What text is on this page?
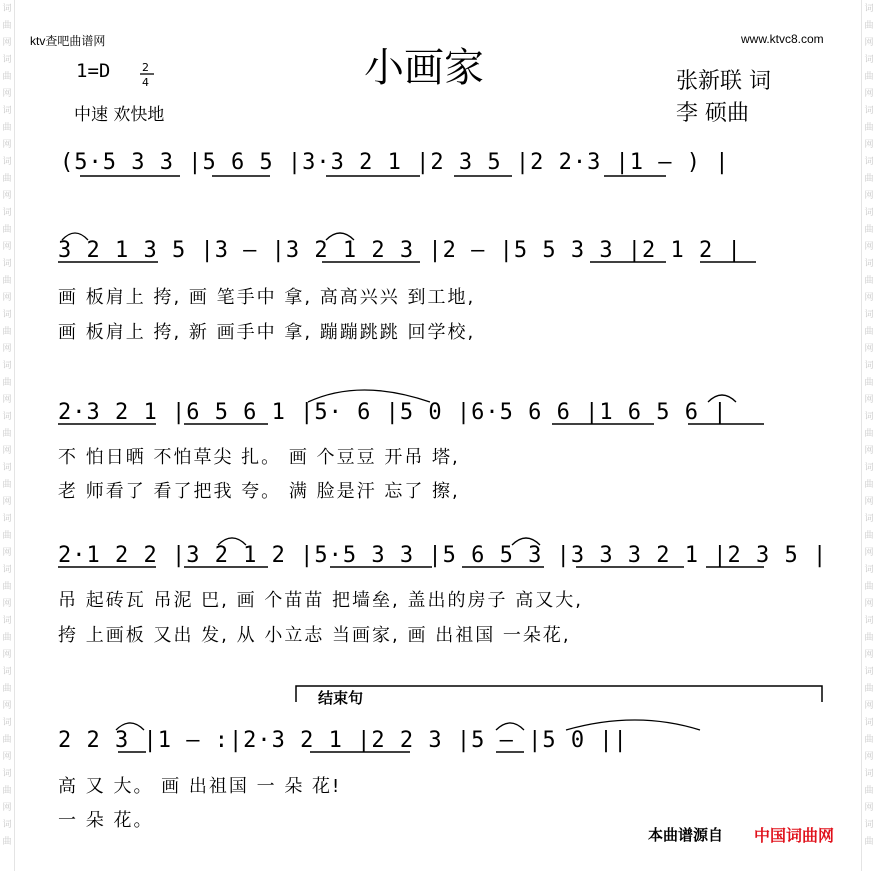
词
曲
网
词
曲
网
词
曲
网
词
曲
网
词
曲
网
词
曲
网
词
曲
网
词
曲
网
词
曲
网
词
曲
网
词
曲
网
词
曲
网
词
曲
网
词
曲
网
词
曲
网
词
曲
网
词
曲
词
曲
网
词
曲
网
词
曲
网
词
曲
网
词
曲
网
词
曲
网
词
曲
网
词
曲
网
词
曲
网
词
曲
网
词
曲
网
词
曲
网
词
曲
网
词
曲
网
词
曲
网
词
曲
网
词
曲
ktv查吧曲谱网	www.ktvc8.com
小画家
1=D	2
4
中速 欢快地
张新联 词
李 硕曲
(5·5 3 3 |5 6 5 |3·3 2 1 |2 3 5 |2 2·3 |1 – ) |
3 2 1 3 5 |3 – |3 2 1 2 3 |2 – |5 5 3 3 |2 1 2 |
画 板肩上 挎, 画 笔手中 拿, 高高兴兴 到工地,
画 板肩上 挎, 新 画手中 拿, 蹦蹦跳跳 回学校,
2·3 2 1 |6 5 6 1 |5· 6 |5 0 |6·5 6 6 |1 6 5 6 |
不 怕日晒 不怕草尖 扎。 画 个豆豆 开吊 塔,
老 师看了 看了把我 夸。 满 脸是汗 忘了 擦,
2·1 2 2 |3 2 1 2 |5·5 3 3 |5 6 5 3 |3 3 3 2 1 |2 3 5 |
吊 起砖瓦 吊泥 巴, 画 个苗苗 把墙垒, 盖出的房子 高又大,
挎 上画板 又出 发, 从 小立志 当画家, 画 出祖国 一朵花,
结束句
2 2 3 |1 – :|2·3 2 1 |2 2 3 |5 – |5 0 ||
高 又 大。 画 出祖国 一 朵 花!
一 朵 花。
本曲谱源自 中国词曲网
